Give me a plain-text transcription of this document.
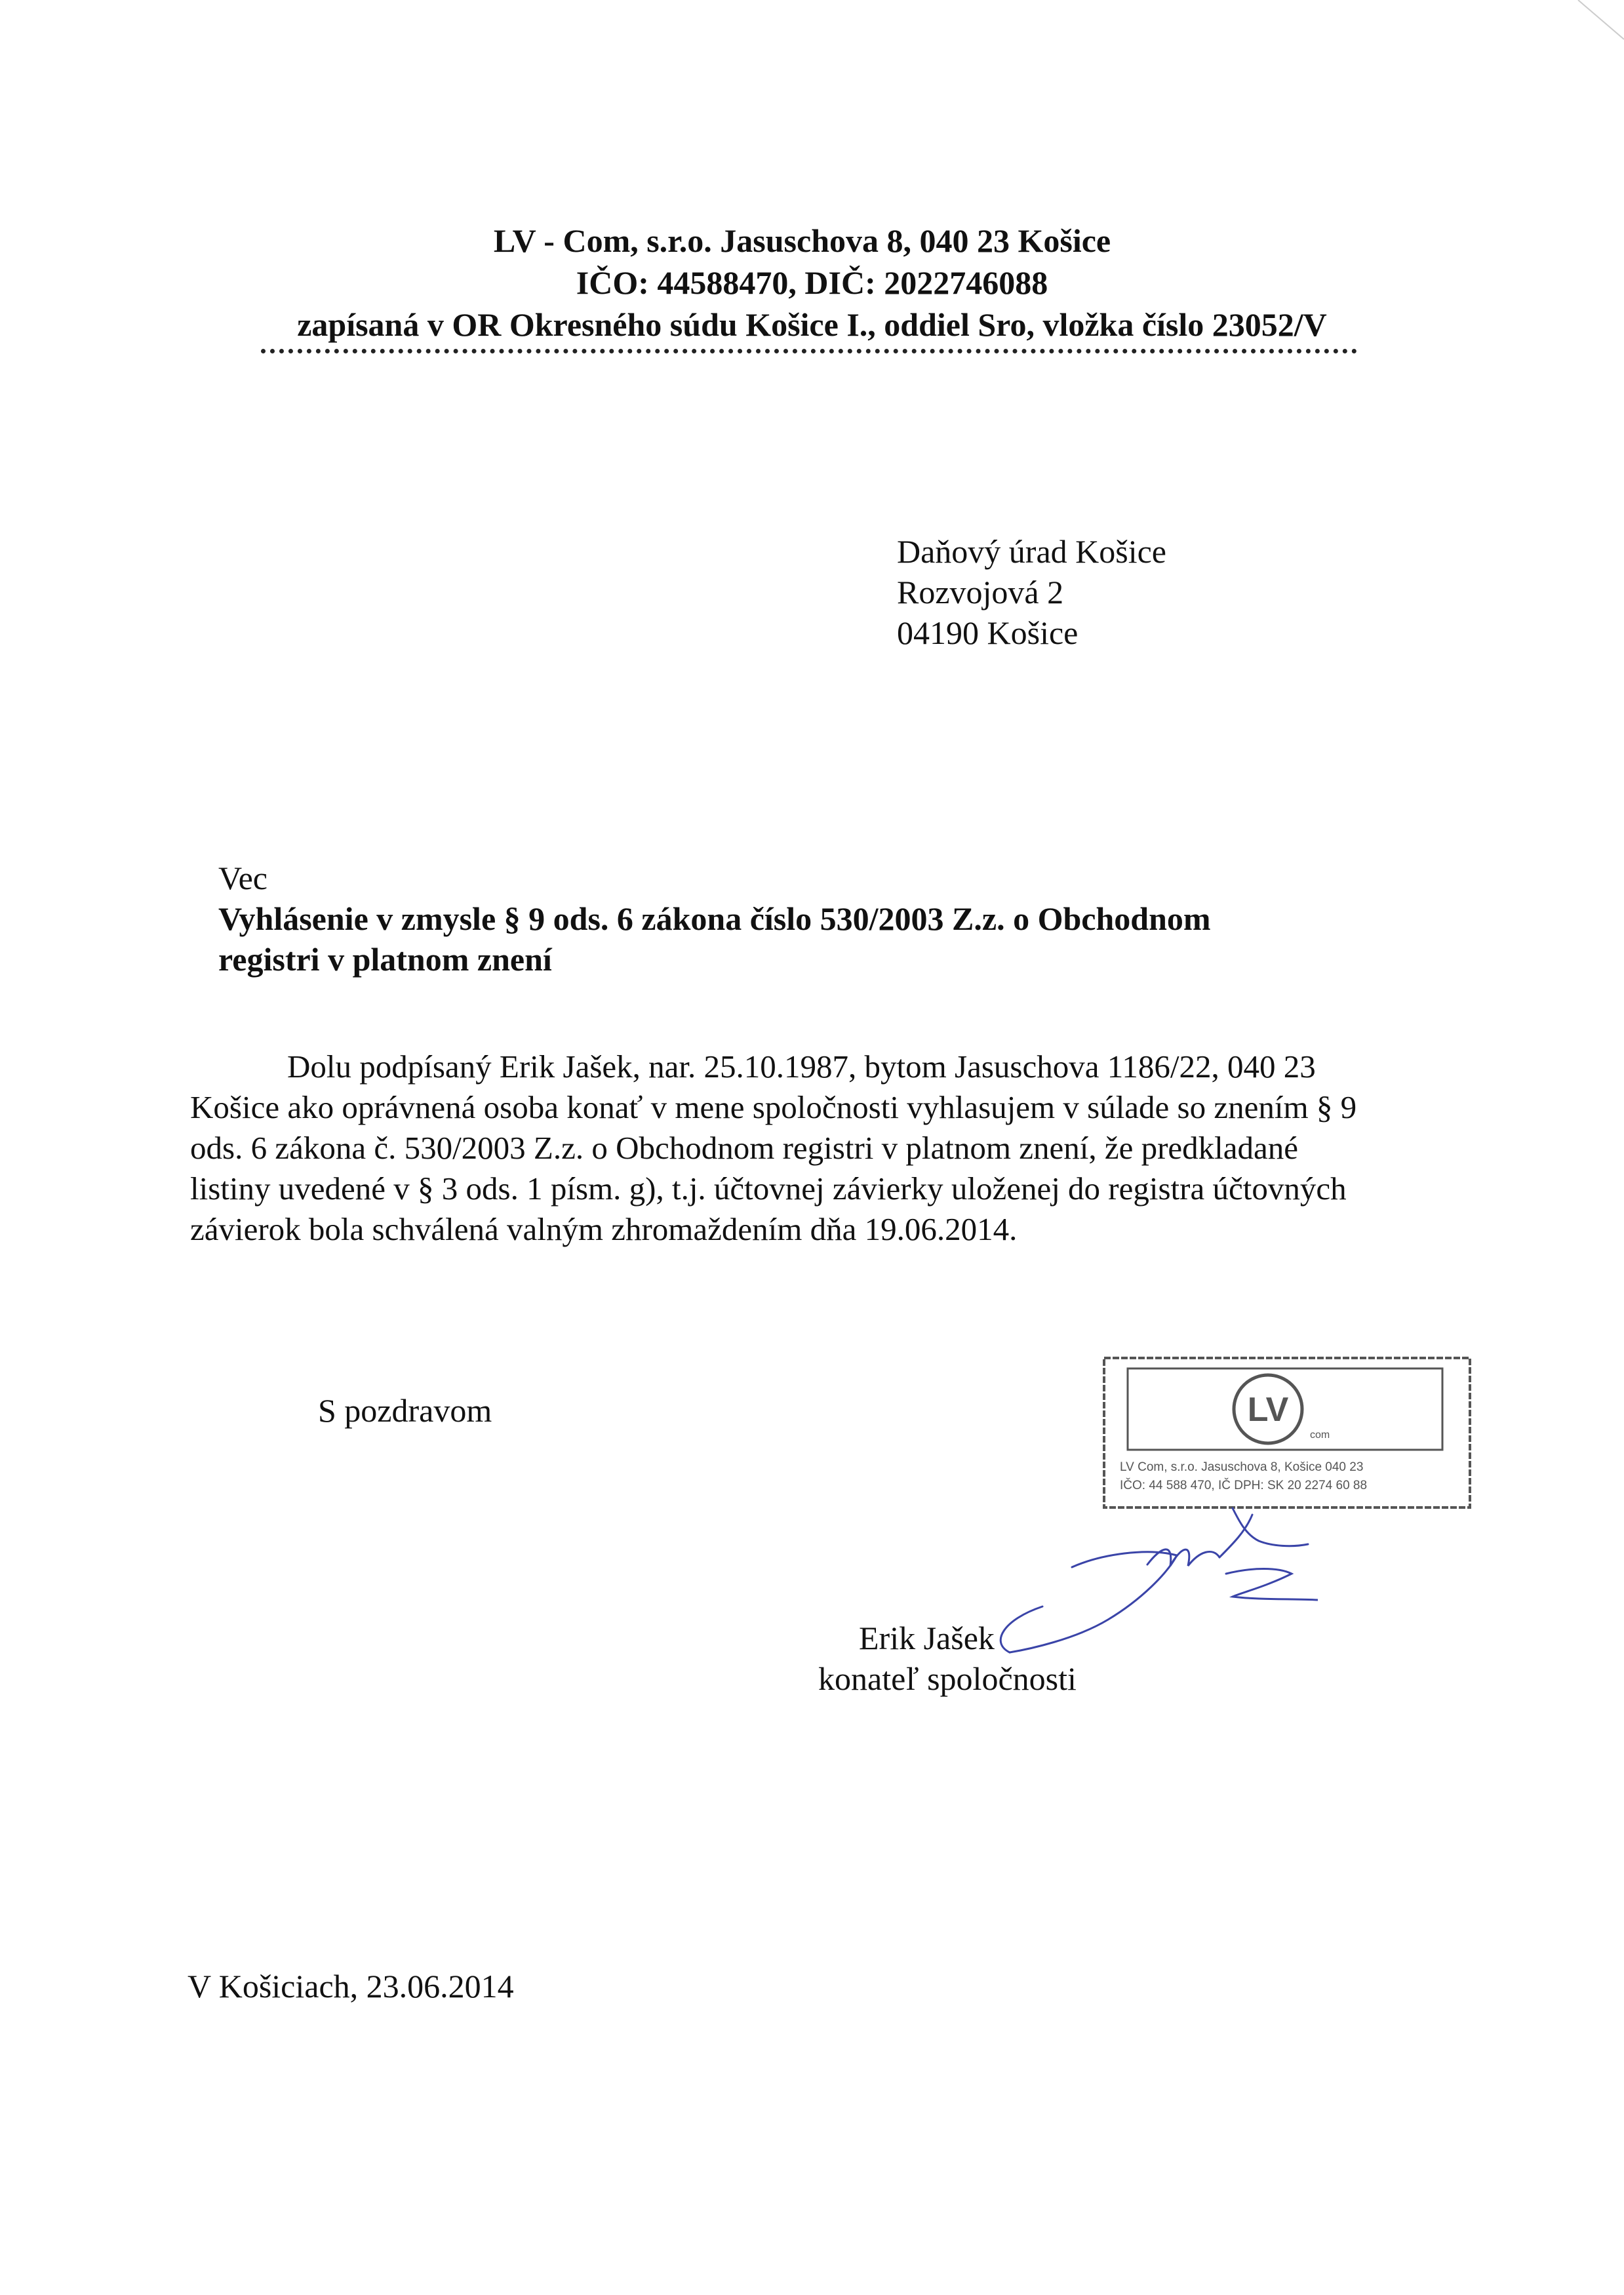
LV - Com, s.r.o. Jasuschova 8, 040 23 Košice
IČO: 44588470, DIČ: 2022746088
zapísaná v OR Okresného súdu Košice I., oddiel Sro, vložka číslo 23052/V
Daňový úrad Košice
Rozvojová 2
04190 Košice
Vec
Vyhlásenie v zmysle § 9 ods. 6 zákona číslo 530/2003 Z.z. o Obchodnom
registri v platnom znení
Dolu podpísaný Erik Jašek, nar. 25.10.1987, bytom Jasuschova 1186/22, 040 23
Košice ako oprávnená osoba konať v mene spoločnosti vyhlasujem v súlade so znením § 9
ods. 6 zákona č. 530/2003 Z.z. o Obchodnom registri v platnom znení, že predkladané
listiny uvedené v § 3 ods. 1 písm. g), t.j. účtovnej závierky uloženej do registra účtovných
závierok bola schválená valným zhromaždením dňa 19.06.2014.
S pozdravom	LV
com
LV Com, s.r.o. Jasuschova 8, Košice 040 23
IČO: 44 588 470, IČ DPH: SK 20 2274 60 88
Erik Jašek
konateľ spoločnosti
V Košiciach, 23.06.2014
